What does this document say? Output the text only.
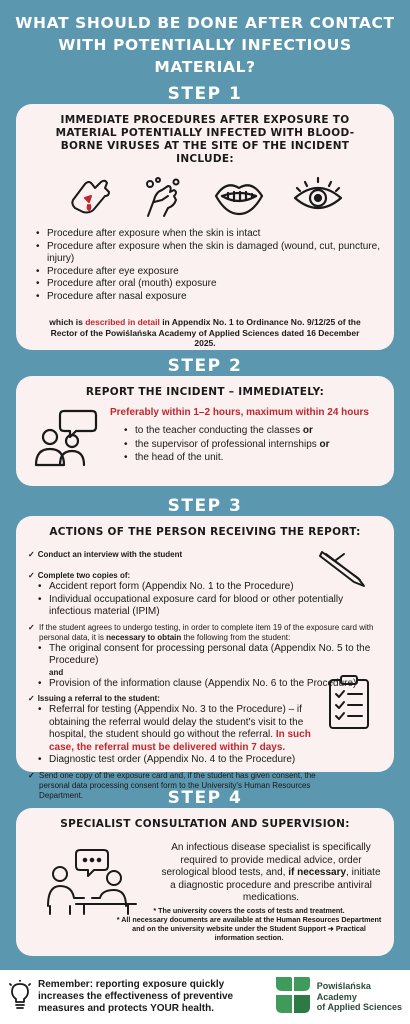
WHAT SHOULD BE DONE AFTER CONTACT WITH POTENTIALLY INFECTIOUS MATERIAL?
STEP 1
IMMEDIATE PROCEDURES AFTER EXPOSURE TO MATERIAL POTENTIALLY INFECTED WITH BLOOD-BORNE VIRUSES AT THE SITE OF THE INCIDENT INCLUDE:
• Procedure after exposure when the skin is intact
• Procedure after exposure when the skin is damaged (wound, cut, puncture, injury)
• Procedure after eye exposure
• Procedure after oral (mouth) exposure
• Procedure after nasal exposure
which is described in detail in Appendix No. 1 to Ordinance No. 9/12/25 of the Rector of the Powiślańska Academy of Applied Sciences dated 16 December 2025.
STEP 2
REPORT THE INCIDENT – IMMEDIATELY:
Preferably within 1–2 hours, maximum within 24 hours
• to the teacher conducting the classes or
• the supervisor of professional internships or
• the head of the unit.
STEP 3
ACTIONS OF THE PERSON RECEIVING THE REPORT:
✓ Conduct an interview with the student
✓ Complete two copies of:
• Accident report form (Appendix No. 1 to the Procedure)
• Individual occupational exposure card for blood or other potentially infectious material (IPIM)
✓ If the student agrees to undergo testing, in order to complete item 19 of the exposure card with personal data, it is necessary to obtain the following from the student:
• The original consent for processing personal data (Appendix No. 5 to the Procedure)
and
• Provision of the information clause (Appendix No. 6 to the Procedure)
✓ Issuing a referral to the student:
• Referral for testing (Appendix No. 3 to the Procedure) – if obtaining the referral would delay the student's visit to the hospital, the student should go without the referral. In such case, the referral must be delivered within 7 days.
• Diagnostic test order (Appendix No. 4 to the Procedure)
✓ Send one copy of the exposure card and, if the student has given consent, the personal data processing consent form to the University's Human Resources Department.	STEP 4
SPECIALIST CONSULTATION AND SUPERVISION:
An infectious disease specialist is specifically required to provide medical advice, order serological blood tests, and, if necessary, initiate a diagnostic procedure and prescribe antiviral medications.
* The university covers the costs of tests and treatment.
* All necessary documents are available at the Human Resources Department and on the university website under the Student Support ➜ Practical information section.
Remember: reporting exposure quickly increases the effectiveness of preventive measures and protects YOUR health.
Powiślańska
Academy
of Applied Sciences
